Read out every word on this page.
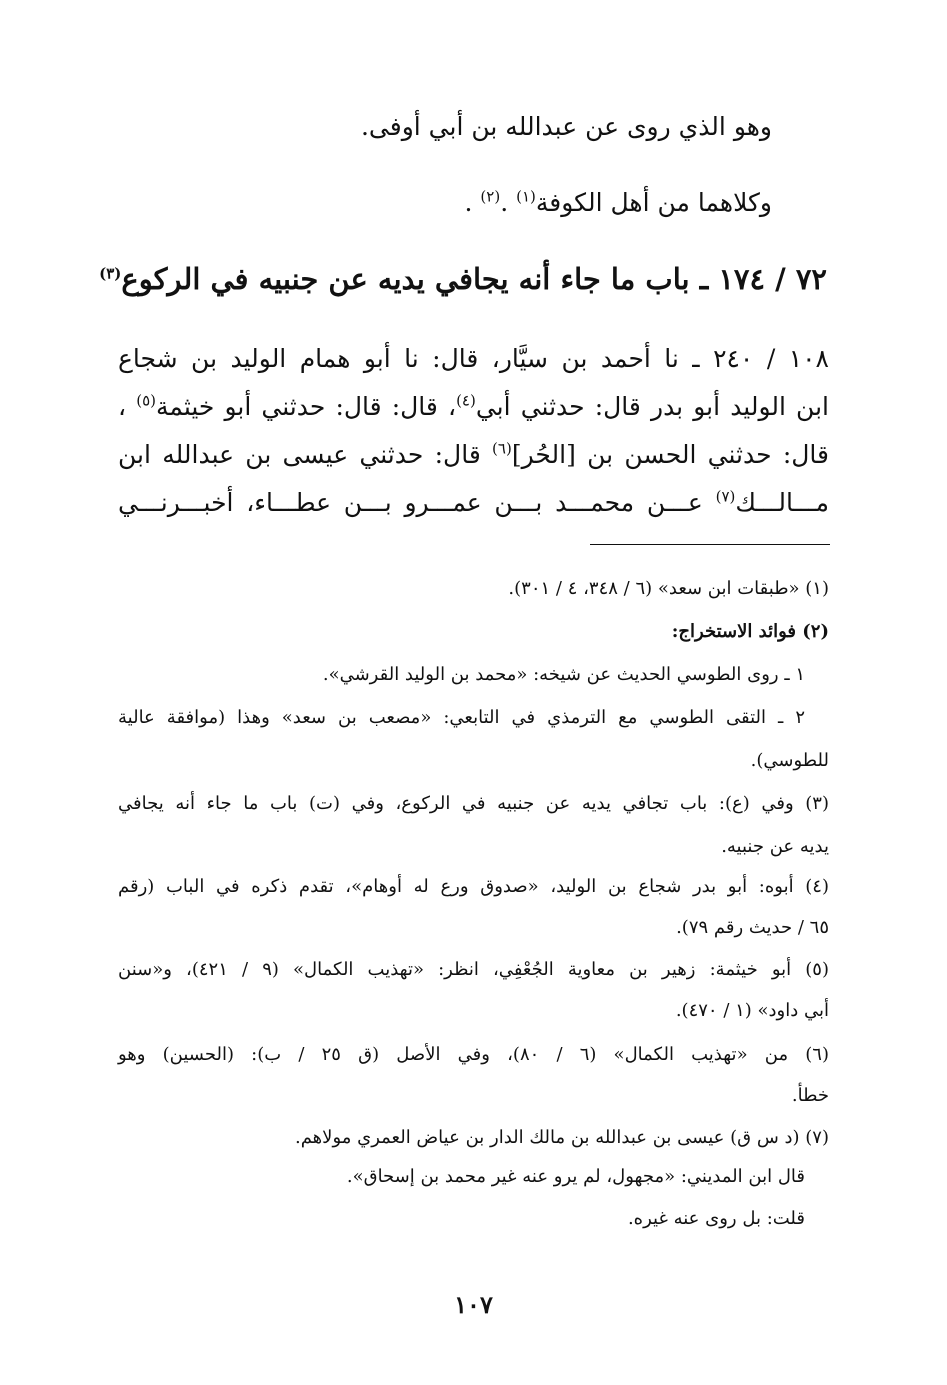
وهو الذي روى عن عبدالله بن أبي أوفى.
وكلاهما من أهل الكوفة$^{(١)}$ .$^{(٢)}$ .
٧٢ / ١٧٤ ـ باب ما جاء أنه يجافي يديه عن جنبيه في الركوع$^{(٣)}$
١٠٨ / ٢٤٠ ـ نا أحمد بن سيَّار، قال: نا أبو همام الوليد بن شجاع
ابن الوليد أبو بدر قال: حدثني أبي$^{(٤)}$، قال: قال: حدثني أبو خيثمة$^{(٥)}$ ،
قال: حدثني الحسن بن [الحُر]$^{(٦)}$ قال: حدثني عيسى بن عبدالله ابن
مـــالـــك$^{(٧)}$ عـــن محمـــد بـــن عمـــرو بـــن عطـــاء، أخبـــرنـــي
(١) «طبقات ابن سعد» (٦ / ٣٤٨، ٤ / ٣٠١).
(٢) فوائد الاستخراج:
١ ـ روى الطوسي الحديث عن شيخه: «محمد بن الوليد القرشي».
٢ ـ التقى الطوسي مع الترمذي في التابعي: «مصعب بن سعد» وهذا (موافقة عالية
للطوسي).
(٣) وفي (ع): باب تجافي يديه عن جنبيه في الركوع، وفي (ت) باب ما جاء أنه يجافي
يديه عن جنبيه.
(٤) أبوه: أبو بدر شجاع بن الوليد، «صدوق ورع له أوهام»، تقدم ذكره في الباب (رقم
٦٥ / حديث رقم ٧٩).
(٥) أبو خيثمة: زهير بن معاوية الجُعْفِي، انظر: «تهذيب الكمال» (٩ / ٤٢١)، و«سنن
أبي داود» (١ / ٤٧٠).
(٦) من «تهذيب الكمال» (٦ / ٨٠)، وفي الأصل (ق ٢٥ / ب): (الحسين) وهو
خطأ.
(٧) (د س ق) عيسى بن عبدالله بن مالك الدار بن عياض العمري مولاهم.
قال ابن المديني: «مجهول، لم يرو عنه غير محمد بن إسحاق».
قلت: بل روى عنه غيره.
١٠٧
